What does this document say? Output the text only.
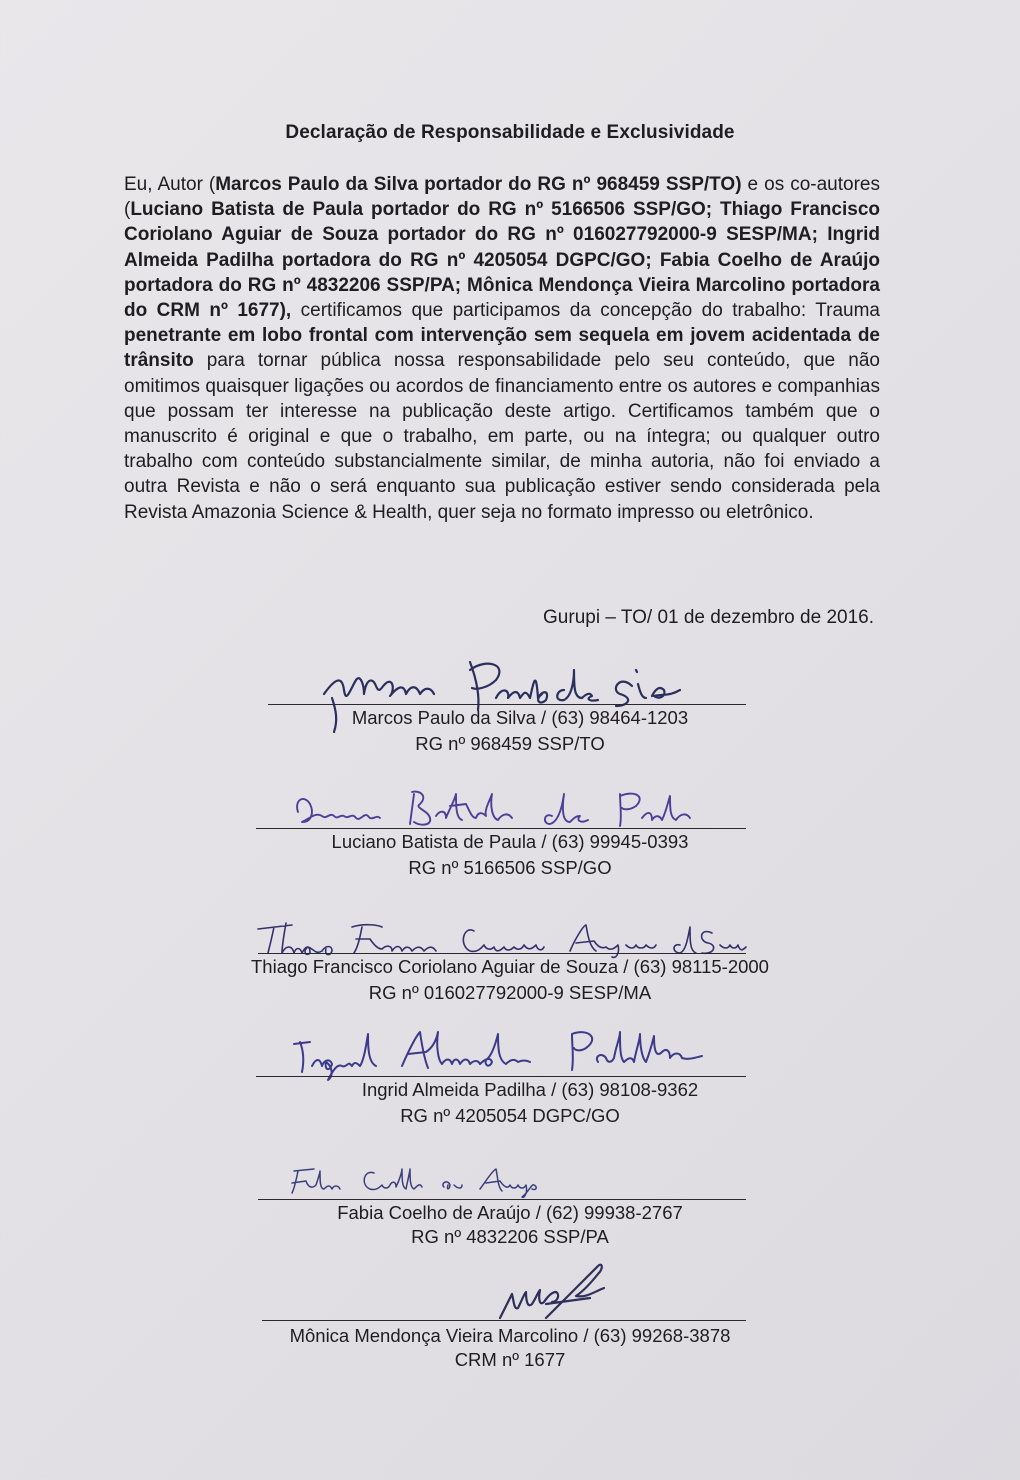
Declaração de Responsabilidade e Exclusividade
Eu, Autor (Marcos Paulo da Silva portador do RG nº 968459 SSP/TO) e os co-autores (Luciano Batista de Paula portador do RG nº 5166506 SSP/GO; Thiago Francisco Coriolano Aguiar de Souza portador do RG nº 016027792000-9 SESP/MA; Ingrid Almeida Padilha portadora do RG nº 4205054 DGPC/GO; Fabia Coelho de Araújo portadora do RG nº 4832206 SSP/PA; Mônica Mendonça Vieira Marcolino portadora do CRM nº 1677), certificamos que participamos da concepção do trabalho: Trauma penetrante em lobo frontal com intervenção sem sequela em jovem acidentada de trânsito para tornar pública nossa responsabilidade pelo seu conteúdo, que não omitimos quaisquer ligações ou acordos de financiamento entre os autores e companhias que possam ter interesse na publicação deste artigo. Certificamos também que o manuscrito é original e que o trabalho, em parte, ou na íntegra; ou qualquer outro trabalho com conteúdo substancialmente similar, de minha autoria, não foi enviado a outra Revista e não o será enquanto sua publicação estiver sendo considerada pela Revista Amazonia Science & Health, quer seja no formato impresso ou eletrônico.
Gurupi – TO/ 01 de dezembro de 2016.
Marcos Paulo da Silva / (63) 98464-1203
RG nº 968459 SSP/TO
Luciano Batista de Paula / (63) 99945-0393
RG nº 5166506 SSP/GO
Thiago Francisco Coriolano Aguiar de Souza / (63) 98115-2000
RG nº 016027792000-9 SESP/MA
Ingrid Almeida Padilha / (63) 98108-9362
RG nº 4205054 DGPC/GO
Fabia Coelho de Araújo / (62) 99938-2767
RG nº 4832206 SSP/PA
Mônica Mendonça Vieira Marcolino / (63) 99268-3878
CRM nº 1677
